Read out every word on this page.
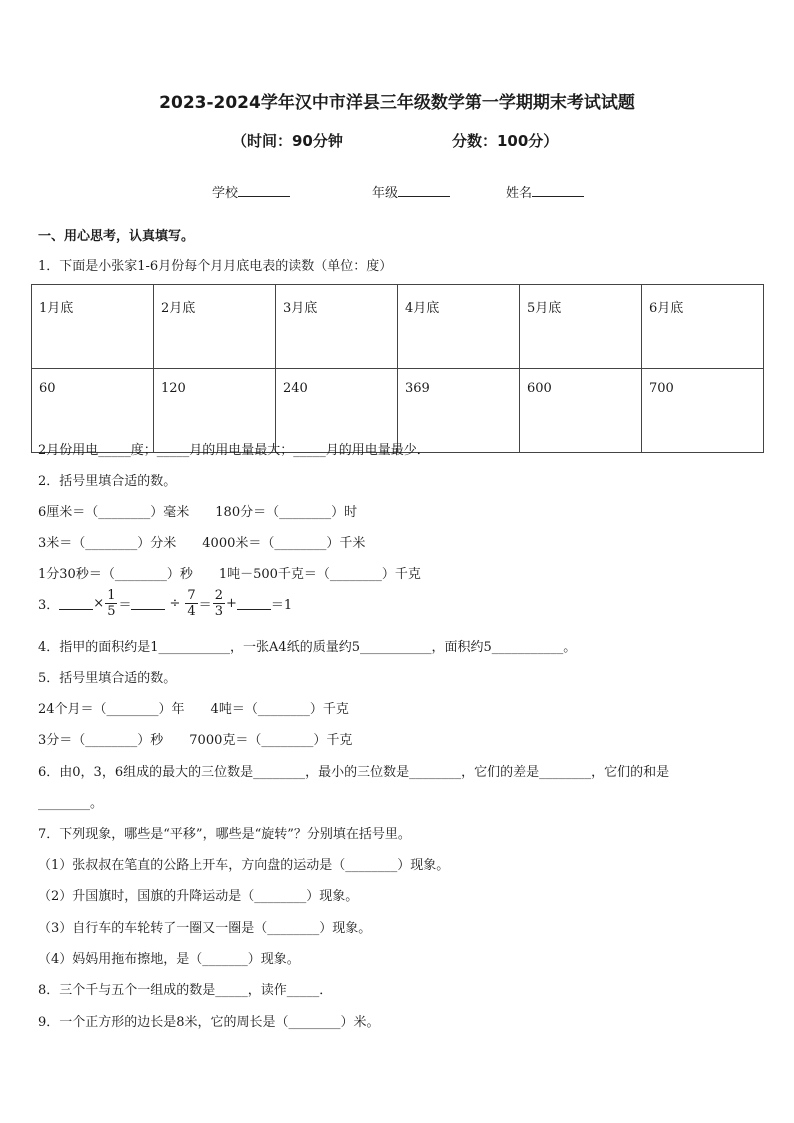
2023-2024学年汉中市洋县三年级数学第一学期期末考试试题
（时间：90分钟	分数：100分）
学校	年级	姓名
一、用心思考，认真填写。
1．下面是小张家1-6月份每个月月底电表的读数（单位：度）
1月底	2月底	3月底	4月底	5月底	6月底
60	120	240	369	600	700
2月份用电_____度；_____月的用电量最大；_____月的用电量最少．
2．括号里填合适的数。
6厘米＝（________）毫米　　180分＝（________）时
3米＝（________）分米　　4000米＝（________）千米
1分30秒＝（________）秒　　1吨－500千克＝（________）千克
3．	× $\frac{1}{5}$ ＝	÷ $\frac{7}{4} = \frac{2}{3}$ +	＝1
4．指甲的面积约是1___________，一张A4纸的质量约5___________，面积约5___________。
5．括号里填合适的数。
24个月＝（________）年　　4吨＝（________）千克
3分＝（________）秒　　7000克＝（________）千克
6．由0，3，6组成的最大的三位数是________，最小的三位数是________，它们的差是________，它们的和是
________。
7．下列现象，哪些是“平移”，哪些是“旋转”？分别填在括号里。
（1）张叔叔在笔直的公路上开车，方向盘的运动是（________）现象。
（2）升国旗时，国旗的升降运动是（________）现象。
（3）自行车的车轮转了一圈又一圈是（________）现象。
（4）妈妈用拖布擦地，是（_______）现象。
8．三个千与五个一组成的数是_____，读作_____．
9．一个正方形的边长是8米，它的周长是（________）米。
